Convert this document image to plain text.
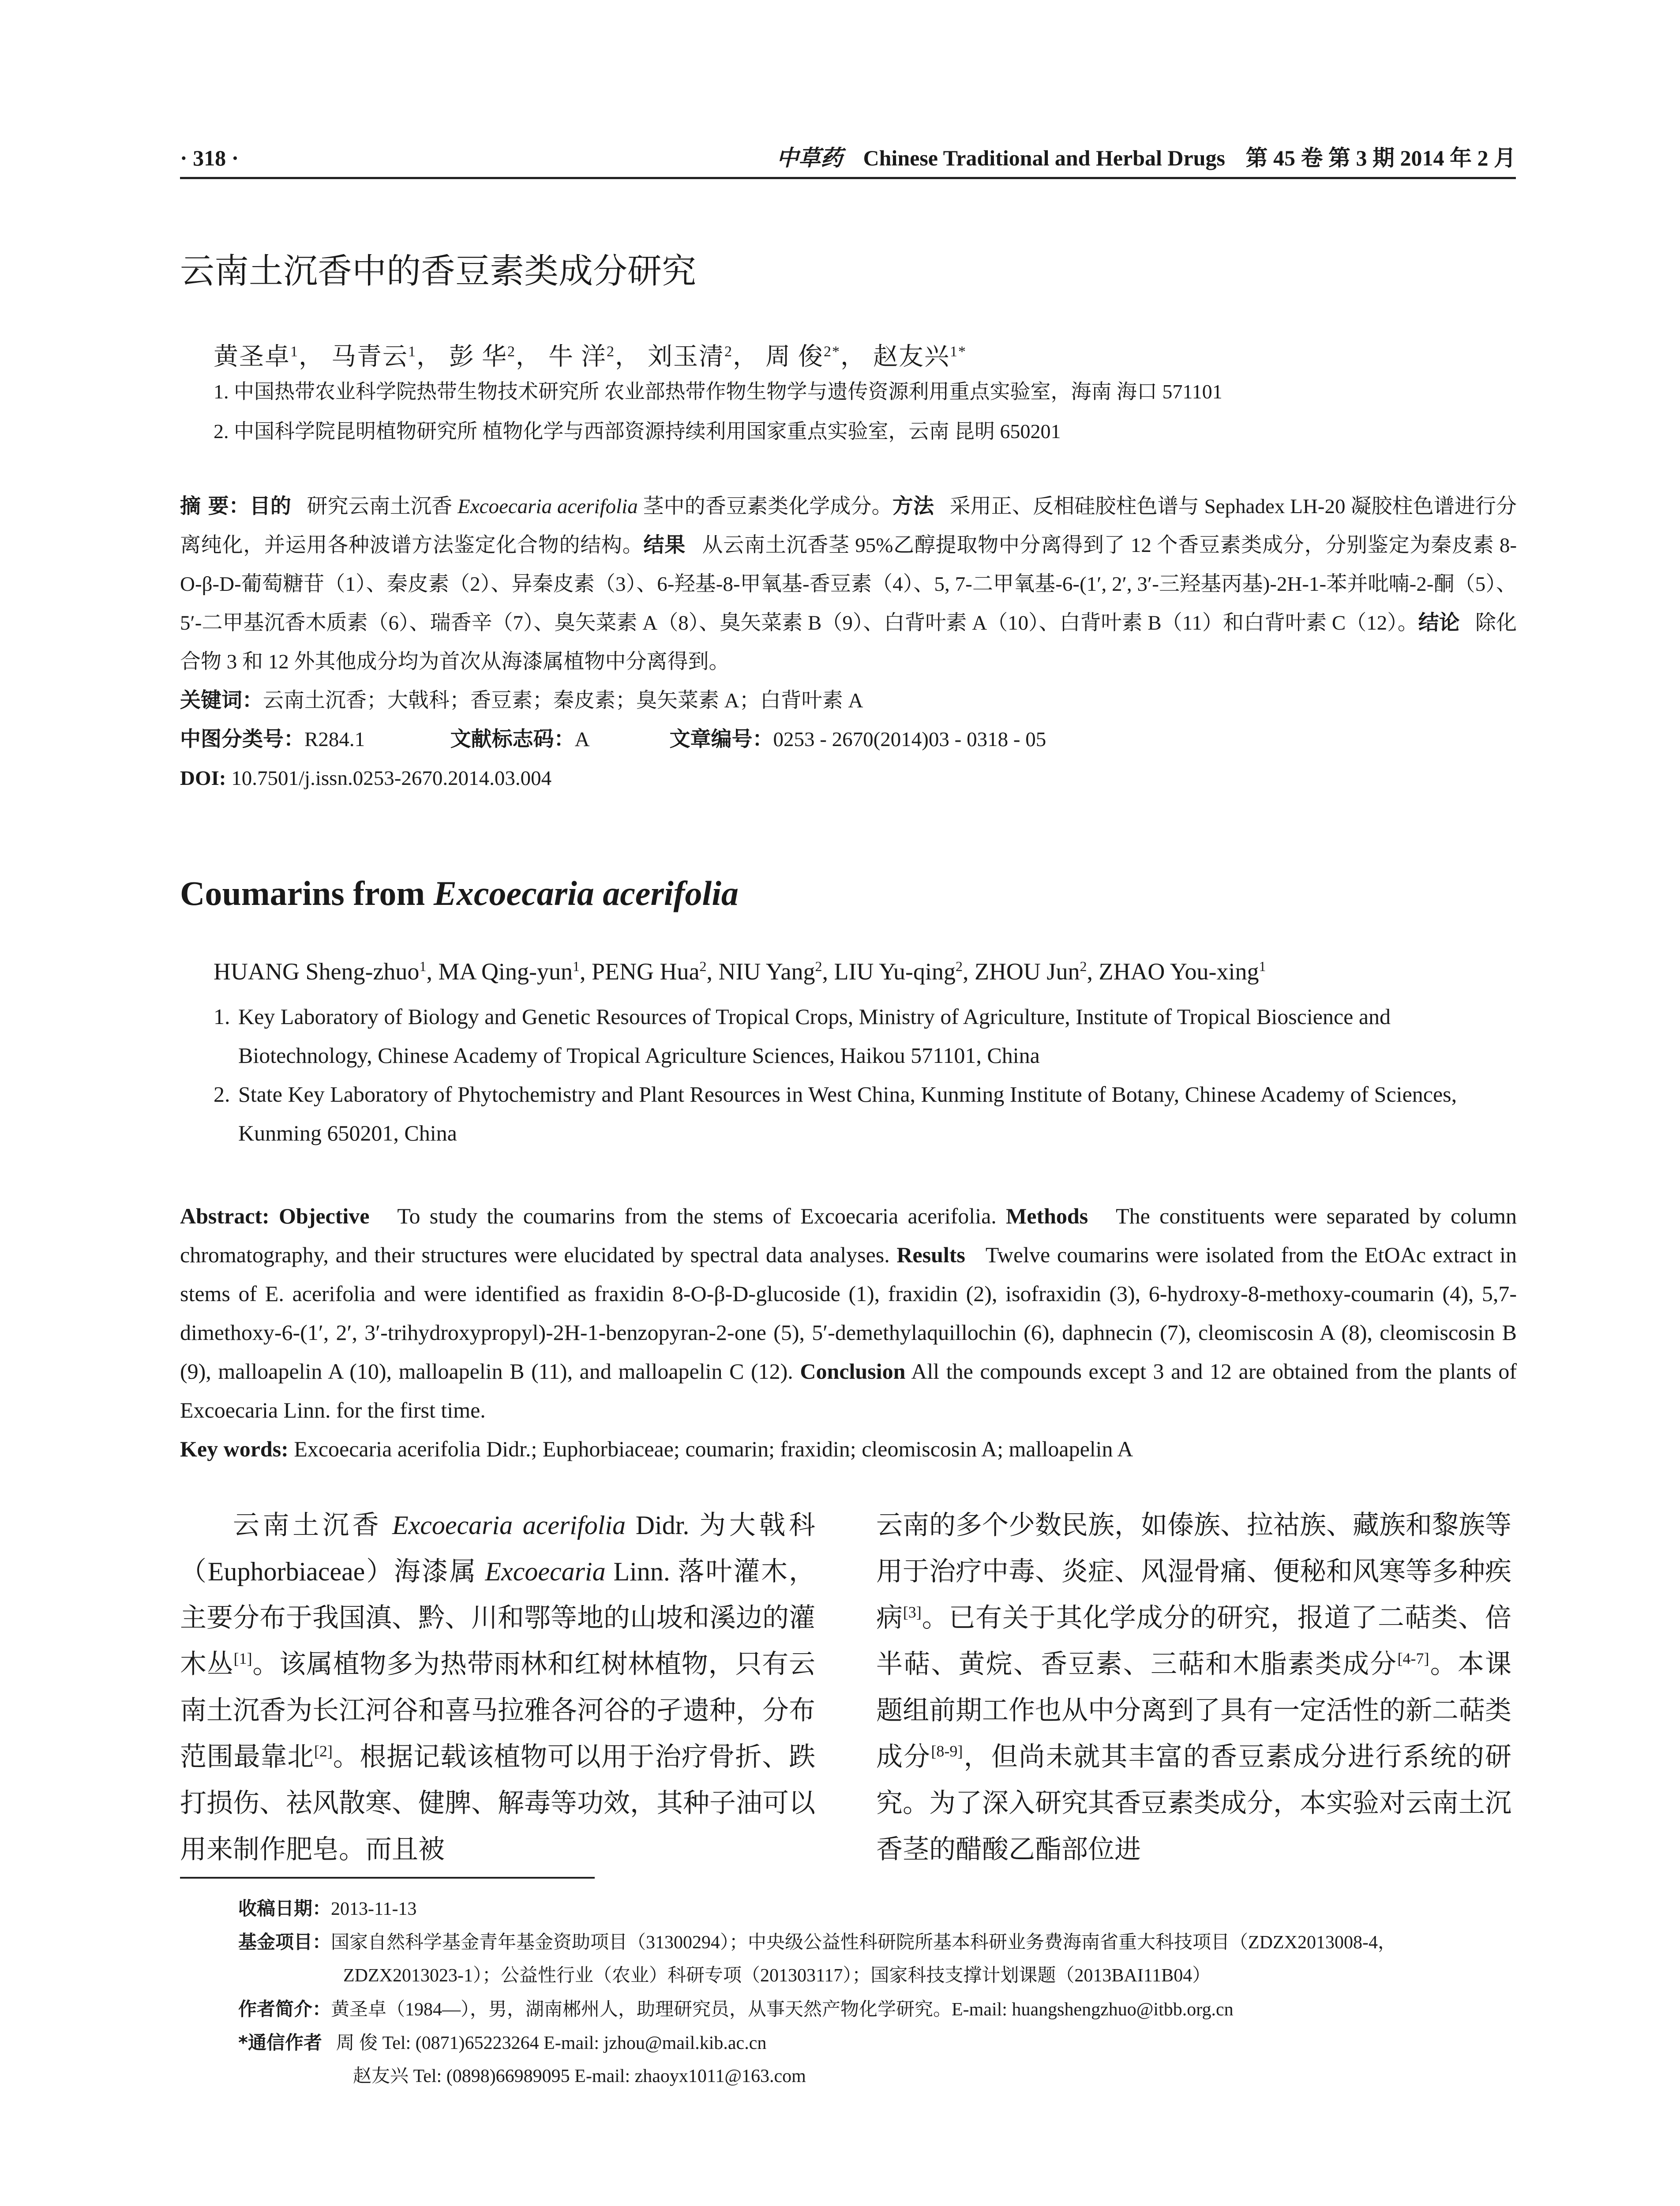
· 318 ·	中草药 Chinese Traditional and Herbal Drugs 第 45 卷 第 3 期 2014 年 2 月
云南土沉香中的香豆素类成分研究
黄圣卓$^1$， 马青云$^1$， 彭 华$^2$， 牛 洋$^2$， 刘玉清$^2$， 周 俊$^{2*}$， 赵友兴$^{1*}$
1. 中国热带农业科学院热带生物技术研究所 农业部热带作物生物学与遗传资源利用重点实验室，海南 海口 571101
2. 中国科学院昆明植物研究所 植物化学与西部资源持续利用国家重点实验室，云南 昆明 650201

摘 要：目的 研究云南土沉香 Excoecaria acerifolia 茎中的香豆素类化学成分。方法 采用正、反相硅胶柱色谱与 Sephadex LH-20 凝胶柱色谱进行分离纯化，并运用各种波谱方法鉴定化合物的结构。结果 从云南土沉香茎 95%乙醇提取物中分离得到了 12 个香豆素类成分，分别鉴定为秦皮素 8-O-β-D-葡萄糖苷（1）、秦皮素（2）、异秦皮素（3）、6-羟基-8-甲氧基-香豆素（4）、5, 7-二甲氧基-6-(1′, 2′, 3′-三羟基丙基)-2H-1-苯并吡喃-2-酮（5）、5′-二甲基沉香木质素（6）、瑞香辛（7）、臭矢菜素 A（8）、臭矢菜素 B（9）、白背叶素 A（10）、白背叶素 B（11）和白背叶素 C（12）。结论 除化合物 3 和 12 外其他成分均为首次从海漆属植物中分离得到。

关键词：云南土沉香；大戟科；香豆素；秦皮素；臭矢菜素 A；白背叶素 A

中图分类号：R284.1	文献标志码：A	文章编号：0253 - 2670(2014)03 - 0318 - 05

DOI: 10.7501/j.issn.0253-2670.2014.03.004

Coumarins from Excoecaria acerifolia
HUANG Sheng-zhuo$^1$, MA Qing-yun$^1$, PENG Hua$^2$, NIU Yang$^2$, LIU Yu-qing$^2$, ZHOU Jun$^2$, ZHAO You-xing$^1$
1. Key Laboratory of Biology and Genetic Resources of Tropical Crops, Ministry of Agriculture, Institute of Tropical Bioscience and Biotechnology, Chinese Academy of Tropical Agriculture Sciences, Haikou 571101, China
2. State Key Laboratory of Phytochemistry and Plant Resources in West China, Kunming Institute of Botany, Chinese Academy of Sciences, Kunming 650201, China

Abstract: Objective To study the coumarins from the stems of Excoecaria acerifolia. Methods The constituents were separated by column chromatography, and their structures were elucidated by spectral data analyses. Results Twelve coumarins were isolated from the EtOAc extract in stems of E. acerifolia and were identified as fraxidin 8-O-β-D-glucoside (1), fraxidin (2), isofraxidin (3), 6-hydroxy-8-methoxy-coumarin (4), 5,7-dimethoxy-6-(1′, 2′, 3′-trihydroxypropyl)-2H-1-benzopyran-2-one (5), 5′-demethylaquillochin (6), daphnecin (7), cleomiscosin A (8), cleomiscosin B (9), malloapelin A (10), malloapelin B (11), and malloapelin C (12). Conclusion All the compounds except 3 and 12 are obtained from the plants of Excoecaria Linn. for the first time.

Key words: Excoecaria acerifolia Didr.; Euphorbiaceae; coumarin; fraxidin; cleomiscosin A; malloapelin A

云南土沉香 Excoecaria acerifolia Didr. 为大戟科（Euphorbiaceae）海漆属 Excoecaria Linn. 落叶灌木，主要分布于我国滇、黔、川和鄂等地的山坡和溪边的灌木丛[1]。该属植物多为热带雨林和红树林植物，只有云南土沉香为长江河谷和喜马拉雅各河谷的孑遗种，分布范围最靠北[2]。根据记载该植物可以用于治疗骨折、跌打损伤、祛风散寒、健脾、解毒等功效，其种子油可以用来制作肥皂。而且被

云南的多个少数民族，如傣族、拉祜族、藏族和黎族等用于治疗中毒、炎症、风湿骨痛、便秘和风寒等多种疾病[3]。已有关于其化学成分的研究，报道了二萜类、倍半萜、黄烷、香豆素、三萜和木脂素类成分[4-7]。本课题组前期工作也从中分离到了具有一定活性的新二萜类成分[8-9]，但尚未就其丰富的香豆素成分进行系统的研究。为了深入研究其香豆素类成分，本实验对云南土沉香茎的醋酸乙酯部位进

收稿日期：2013-11-13
基金项目：国家自然科学基金青年基金资助项目（31300294）；中央级公益性科研院所基本科研业务费海南省重大科技项目（ZDZX2013008-4，
ZDZX2013023-1）；公益性行业（农业）科研专项（201303117）；国家科技支撑计划课题（2013BAI11B04）
作者简介：黄圣卓（1984—），男，湖南郴州人，助理研究员，从事天然产物化学研究。E-mail: huangshengzhuo@itbb.org.cn
*通信作者 周 俊 Tel: (0871)65223264 E-mail: jzhou@mail.kib.ac.cn
赵友兴 Tel: (0898)66989095 E-mail: zhaoyx1011@163.com
